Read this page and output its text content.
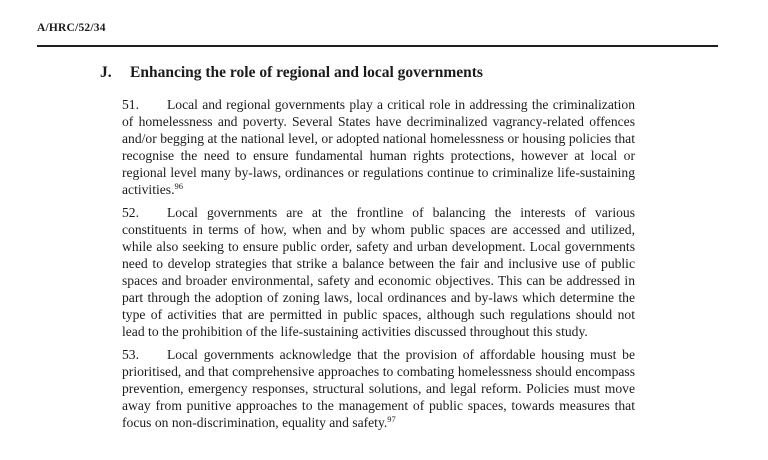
A/HRC/52/34
J.	Enhancing the role of regional and local governments

51. Local and regional governments play a critical role in addressing the criminalization of homelessness and poverty. Several States have decriminalized vagrancy-related offences and/or begging at the national level, or adopted national homelessness or housing policies that recognise the need to ensure fundamental human rights protections, however at local or regional level many by-laws, ordinances or regulations continue to criminalize life-sustaining activities.$^{96}$

52. Local governments are at the frontline of balancing the interests of various constituents in terms of how, when and by whom public spaces are accessed and utilized, while also seeking to ensure public order, safety and urban development. Local governments need to develop strategies that strike a balance between the fair and inclusive use of public spaces and broader environmental, safety and economic objectives. This can be addressed in part through the adoption of zoning laws, local ordinances and by-laws which determine the type of activities that are permitted in public spaces, although such regulations should not lead to the prohibition of the life-sustaining activities discussed throughout this study.

53. Local governments acknowledge that the provision of affordable housing must be prioritised, and that comprehensive approaches to combating homelessness should encompass prevention, emergency responses, structural solutions, and legal reform. Policies must move away from punitive approaches to the management of public spaces, towards measures that focus on non-discrimination, equality and safety.$^{97}$
